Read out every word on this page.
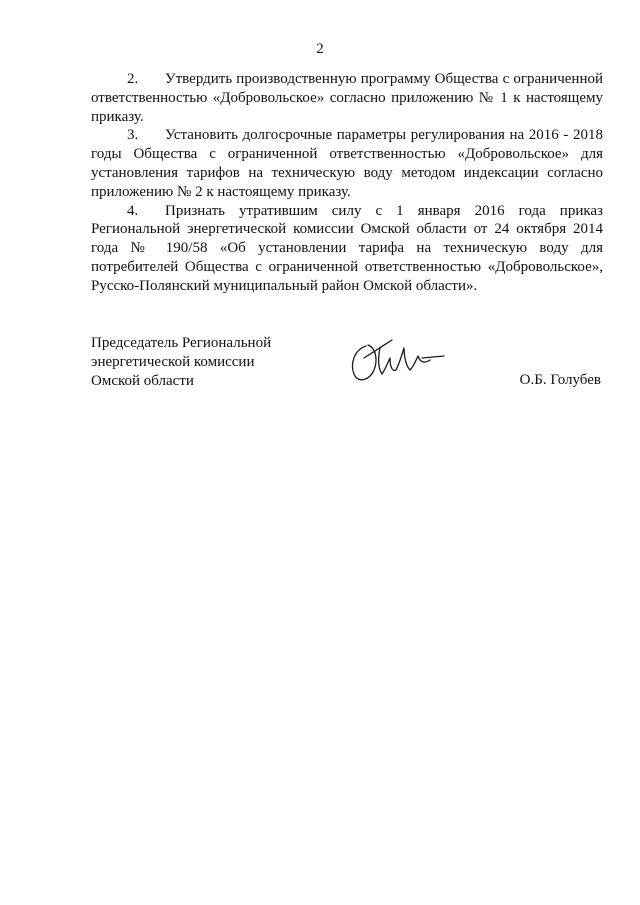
2

2. Утвердить производственную программу Общества с ограниченной ответственностью «Добровольское» согласно приложению № 1 к настоящему приказу.

3. Установить долгосрочные параметры регулирования на 2016 - 2018 годы Общества с ограниченной ответственностью «Добровольское» для установления тарифов на техническую воду методом индексации согласно приложению № 2 к настоящему приказу.

4. Признать утратившим силу с 1 января 2016 года приказ Региональной энергетической комиссии Омской области от 24 октября 2014 года № 190/58 «Об установлении тарифа на техническую воду для потребителей Общества с ограниченной ответственностью «Добровольское», Русско-Полянский муниципальный район Омской области».

Председатель Региональной
энергетической комиссии
Омской области	О.Б. Голубев
